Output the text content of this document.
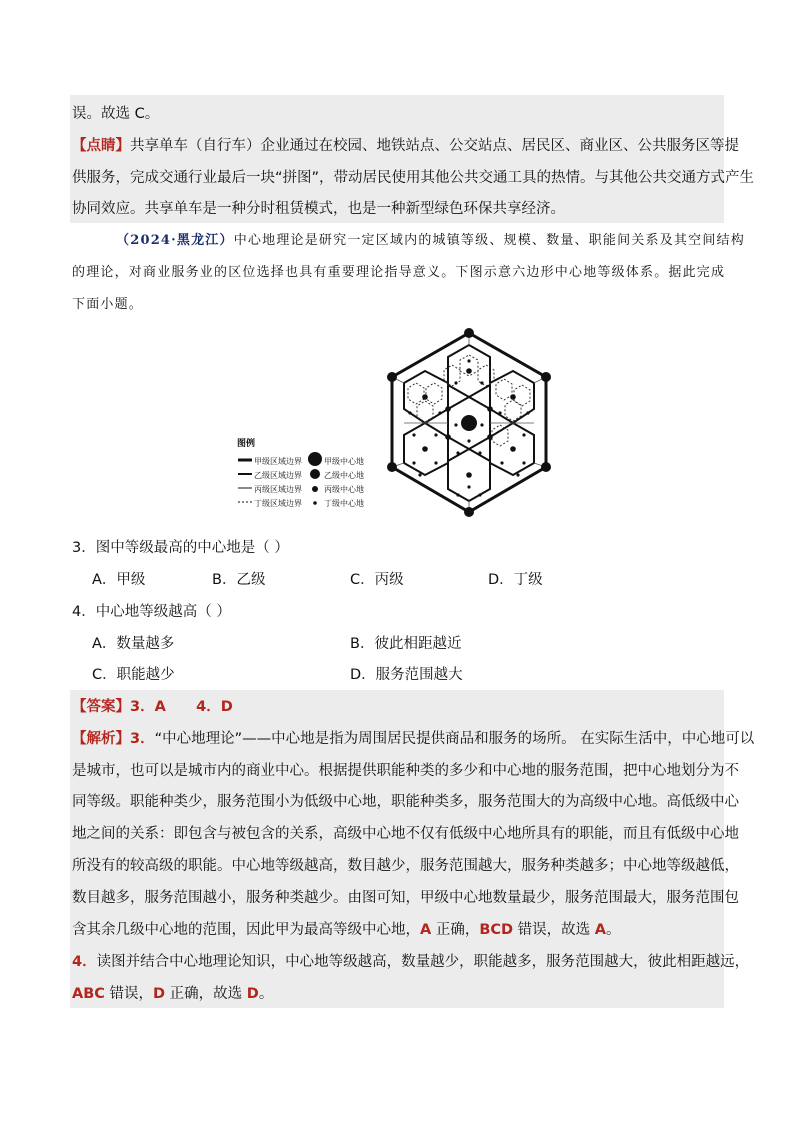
误。故选 C。
【点睛】共享单车（自行车）企业通过在校园、地铁站点、公交站点、居民区、商业区、公共服务区等提
供服务，完成交通行业最后一块“拼图”，带动居民使用其他公共交通工具的热情。与其他公共交通方式产生
协同效应。共享单车是一种分时租赁模式，也是一种新型绿色环保共享经济。
（2024·黑龙江）中心地理论是研究一定区域内的城镇等级、规模、数量、职能间关系及其空间结构
的理论，对商业服务业的区位选择也具有重要理论指导意义。下图示意六边形中心地等级体系。据此完成
下面小题。
图例
甲级区域边界
乙级区域边界
丙级区域边界
丁级区域边界
甲级中心地
乙级中心地
丙级中心地
丁级中心地
3．图中等级最高的中心地是（ ）
A．甲级	B．乙级	C．丙级	D．丁级
4．中心地等级越高（ ）
A．数量越多	B．彼此相距越近
C．职能越少	D．服务范围越大
【答案】3．A      4．D
【解析】3．“中心地理论”——中心地是指为周围居民提供商品和服务的场所。 在实际生活中，中心地可以
是城市，也可以是城市内的商业中心。根据提供职能种类的多少和中心地的服务范围，把中心地划分为不
同等级。职能种类少，服务范围小为低级中心地，职能种类多，服务范围大的为高级中心地。高低级中心
地之间的关系：即包含与被包含的关系，高级中心地不仅有低级中心地所具有的职能，而且有低级中心地
所没有的较高级的职能。中心地等级越高，数目越少，服务范围越大，服务种类越多；中心地等级越低，
数目越多，服务范围越小，服务种类越少。由图可知，甲级中心地数量最少，服务范围最大，服务范围包
含其余几级中心地的范围，因此甲为最高等级中心地，A 正确，BCD 错误，故选 A。
4．读图并结合中心地理论知识，中心地等级越高，数量越少，职能越多，服务范围越大，彼此相距越远，
ABC 错误，D 正确，故选 D。
